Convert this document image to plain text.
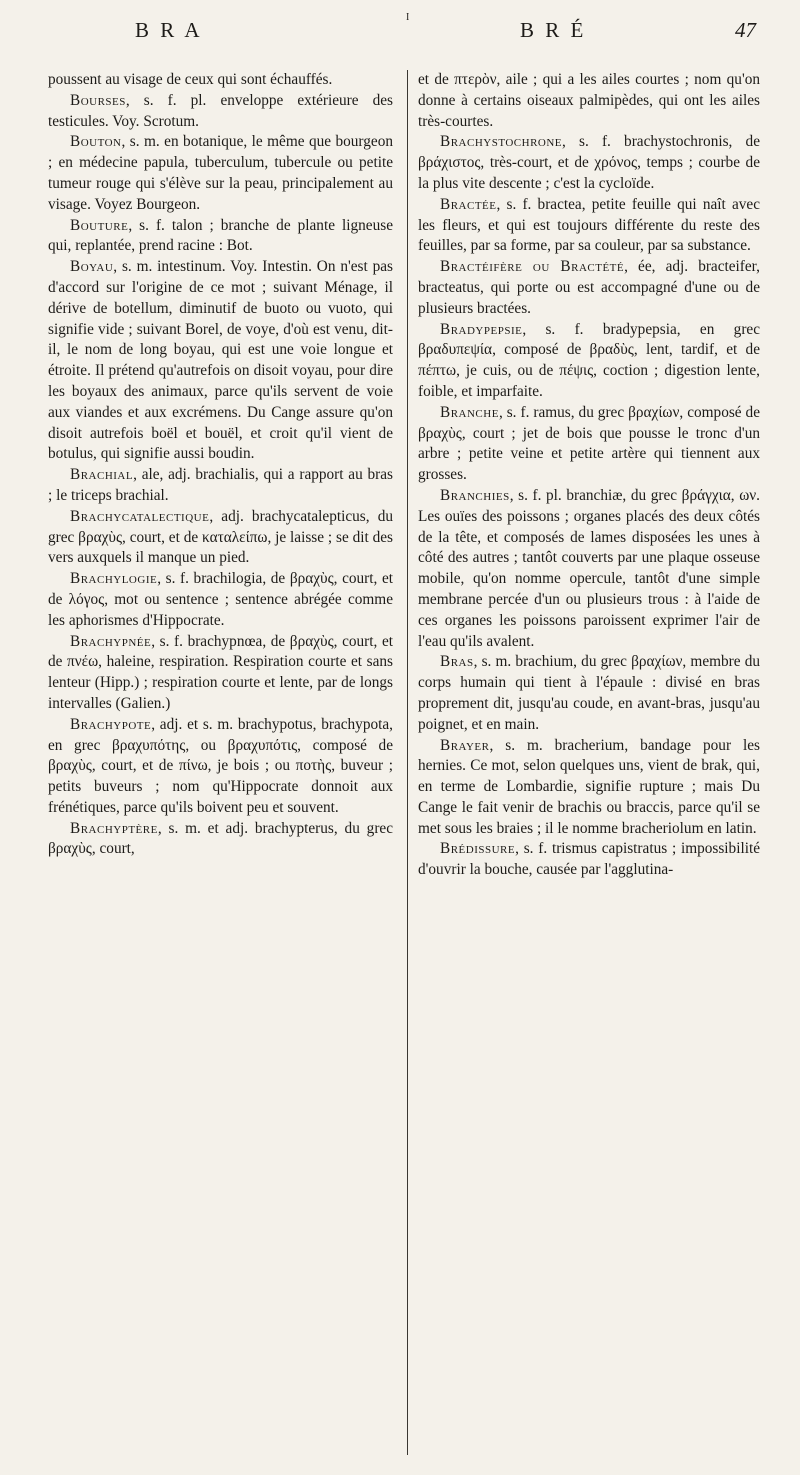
B R A
I
B R É	47

poussent au visage de ceux qui sont échauffés.

Bourses, s. f. pl. enveloppe extérieure des testicules. Voy. Scrotum.

Bouton, s. m. en botanique, le même que bourgeon ; en médecine papula, tuberculum, tubercule ou petite tumeur rouge qui s'élève sur la peau, principalement au visage. Voyez Bourgeon.

Bouture, s. f. talon ; branche de plante ligneuse qui, replantée, prend racine : Bot.

Boyau, s. m. intestinum. Voy. Intestin. On n'est pas d'accord sur l'origine de ce mot ; suivant Ménage, il dérive de botellum, diminutif de buoto ou vuoto, qui signifie vide ; suivant Borel, de voye, d'où est venu, dit-il, le nom de long boyau, qui est une voie longue et étroite. Il prétend qu'autrefois on disoit voyau, pour dire les boyaux des animaux, parce qu'ils servent de voie aux viandes et aux excrémens. Du Cange assure qu'on disoit autrefois boël et bouël, et croit qu'il vient de botulus, qui signifie aussi boudin.

Brachial, ale, adj. brachialis, qui a rapport au bras ; le triceps brachial.

Brachycatalectique, adj. brachycatalepticus, du grec βραχὺς, court, et de καταλείπω, je laisse ; se dit des vers auxquels il manque un pied.

Brachylogie, s. f. brachilogia, de βραχὺς, court, et de λόγος, mot ou sentence ; sentence abrégée comme les aphorismes d'Hippocrate.

Brachypnée, s. f. brachypnœa, de βραχὺς, court, et de πνέω, haleine, respiration. Respiration courte et sans lenteur (Hipp.) ; respiration courte et lente, par de longs intervalles (Galien.)

Brachypote, adj. et s. m. brachypotus, brachypota, en grec βραχυπότης, ou βραχυπότις, composé de βραχὺς, court, et de πίνω, je bois ; ou ποτὴς, buveur ; petits buveurs ; nom qu'Hippocrate donnoit aux frénétiques, parce qu'ils boivent peu et souvent.

Brachyptère, s. m. et adj. brachypterus, du grec βραχὺς, court,

et de πτερὸν, aile ; qui a les ailes courtes ; nom qu'on donne à certains oiseaux palmipèdes, qui ont les ailes très-courtes.

Brachystochrone, s. f. brachystochronis, de βράχιστος, très-court, et de χρόνος, temps ; courbe de la plus vite descente ; c'est la cycloïde.

Bractée, s. f. bractea, petite feuille qui naît avec les fleurs, et qui est toujours différente du reste des feuilles, par sa forme, par sa couleur, par sa substance.

Bractéifère ou Bractété, ée, adj. bracteifer, bracteatus, qui porte ou est accompagné d'une ou de plusieurs bractées.

Bradypepsie, s. f. bradypepsia, en grec βραδυπεψία, composé de βραδὺς, lent, tardif, et de πέπτω, je cuis, ou de πέψις, coction ; digestion lente, foible, et imparfaite.

Branche, s. f. ramus, du grec βραχίων, composé de βραχὺς, court ; jet de bois que pousse le tronc d'un arbre ; petite veine et petite artère qui tiennent aux grosses.

Branchies, s. f. pl. branchiæ, du grec βράγχια, ων. Les ouïes des poissons ; organes placés des deux côtés de la tête, et composés de lames disposées les unes à côté des autres ; tantôt couverts par une plaque osseuse mobile, qu'on nomme opercule, tantôt d'une simple membrane percée d'un ou plusieurs trous : à l'aide de ces organes les poissons paroissent exprimer l'air de l'eau qu'ils avalent.

Bras, s. m. brachium, du grec βραχίων, membre du corps humain qui tient à l'épaule : divisé en bras proprement dit, jusqu'au coude, en avant-bras, jusqu'au poignet, et en main.

Brayer, s. m. bracherium, bandage pour les hernies. Ce mot, selon quelques uns, vient de brak, qui, en terme de Lombardie, signifie rupture ; mais Du Cange le fait venir de brachis ou braccis, parce qu'il se met sous les braies ; il le nomme bracheriolum en latin.

Brédissure, s. f. trismus capistratus ; impossibilité d'ouvrir la bouche, causée par l'agglutina-
